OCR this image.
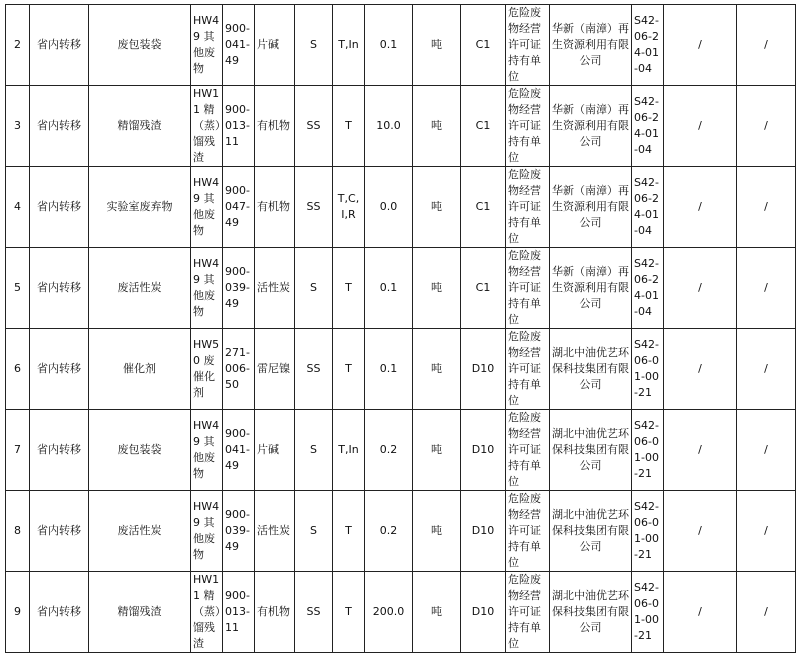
2	省内转移	废包装袋	HW49 其他废物	900-041-49	片碱	S	T,In	0.1	吨	C1	危险废物经营许可证持有单位	华新（南漳）再生资源利用有限公司	S42-06-24-01-04	/	/
3	省内转移	精馏残渣	HW11 精（蒸）馏残渣	900-013-11	有机物	SS	T	10.0	吨	C1	危险废物经营许可证持有单位	华新（南漳）再生资源利用有限公司	S42-06-24-01-04	/	/
4	省内转移	实验室废弃物	HW49 其他废物	900-047-49	有机物	SS	T,C,I,R	0.0	吨	C1	危险废物经营许可证持有单位	华新（南漳）再生资源利用有限公司	S42-06-24-01-04	/	/
5	省内转移	废活性炭	HW49 其他废物	900-039-49	活性炭	S	T	0.1	吨	C1	危险废物经营许可证持有单位	华新（南漳）再生资源利用有限公司	S42-06-24-01-04	/	/
6	省内转移	催化剂	HW50 废催化剂	271-006-50	雷尼镍	SS	T	0.1	吨	D10	危险废物经营许可证持有单位	湖北中油优艺环保科技集团有限公司	S42-06-01-00-21	/	/
7	省内转移	废包装袋	HW49 其他废物	900-041-49	片碱	S	T,In	0.2	吨	D10	危险废物经营许可证持有单位	湖北中油优艺环保科技集团有限公司	S42-06-01-00-21	/	/
8	省内转移	废活性炭	HW49 其他废物	900-039-49	活性炭	S	T	0.2	吨	D10	危险废物经营许可证持有单位	湖北中油优艺环保科技集团有限公司	S42-06-01-00-21	/	/
9	省内转移	精馏残渣	HW11 精（蒸）馏残渣	900-013-11	有机物	SS	T	200.0	吨	D10	危险废物经营许可证持有单位	湖北中油优艺环保科技集团有限公司	S42-06-01-00-21	/	/
